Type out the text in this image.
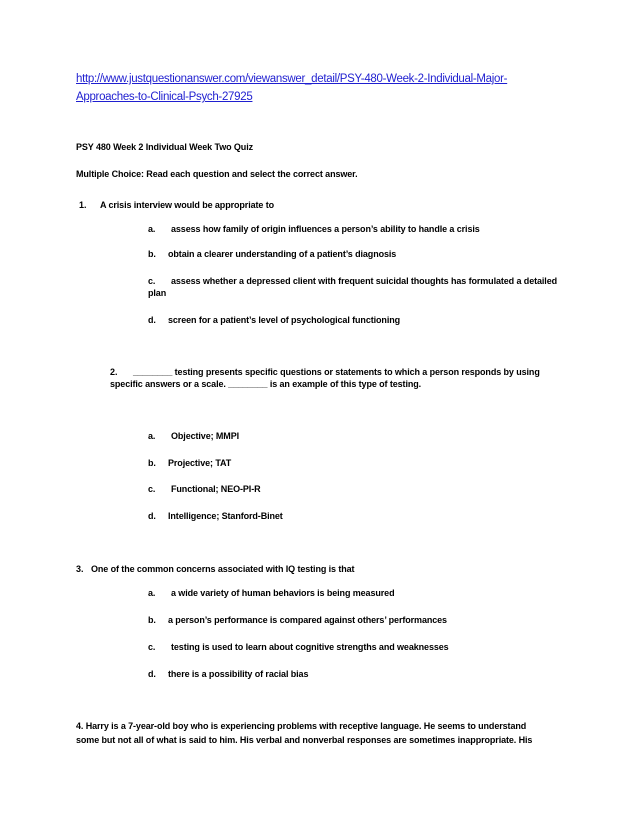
http://www.justquestionanswer.com/viewanswer_detail/PSY-480-Week-2-Individual-Major-
Approaches-to-Clinical-Psych-27925
PSY 480 Week 2 Individual Week Two Quiz
Multiple Choice: Read each question and select the correct answer.
1. A crisis interview would be appropriate to
a. assess how family of origin influences a person’s ability to handle a crisis
b. obtain a clearer understanding of a patient’s diagnosis
c.	assess whether a depressed client with frequent suicidal thoughts has formulated a detailed plan
d. screen for a patient’s level of psychological functioning
2.	________ testing presents specific questions or statements to which a person responds by using specific answers or a scale. ________ is an example of this type of testing.
a. Objective; MMPI
b. Projective; TAT
c. Functional; NEO-PI-R
d. Intelligence; Stanford-Binet
3. One of the common concerns associated with IQ testing is that
a. a wide variety of human behaviors is being measured
b. a person’s performance is compared against others’ performances
c. testing is used to learn about cognitive strengths and weaknesses
d. there is a possibility of racial bias
4. Harry is a 7-year-old boy who is experiencing problems with receptive language. He seems to understand
some but not all of what is said to him. His verbal and nonverbal responses are sometimes inappropriate. His
